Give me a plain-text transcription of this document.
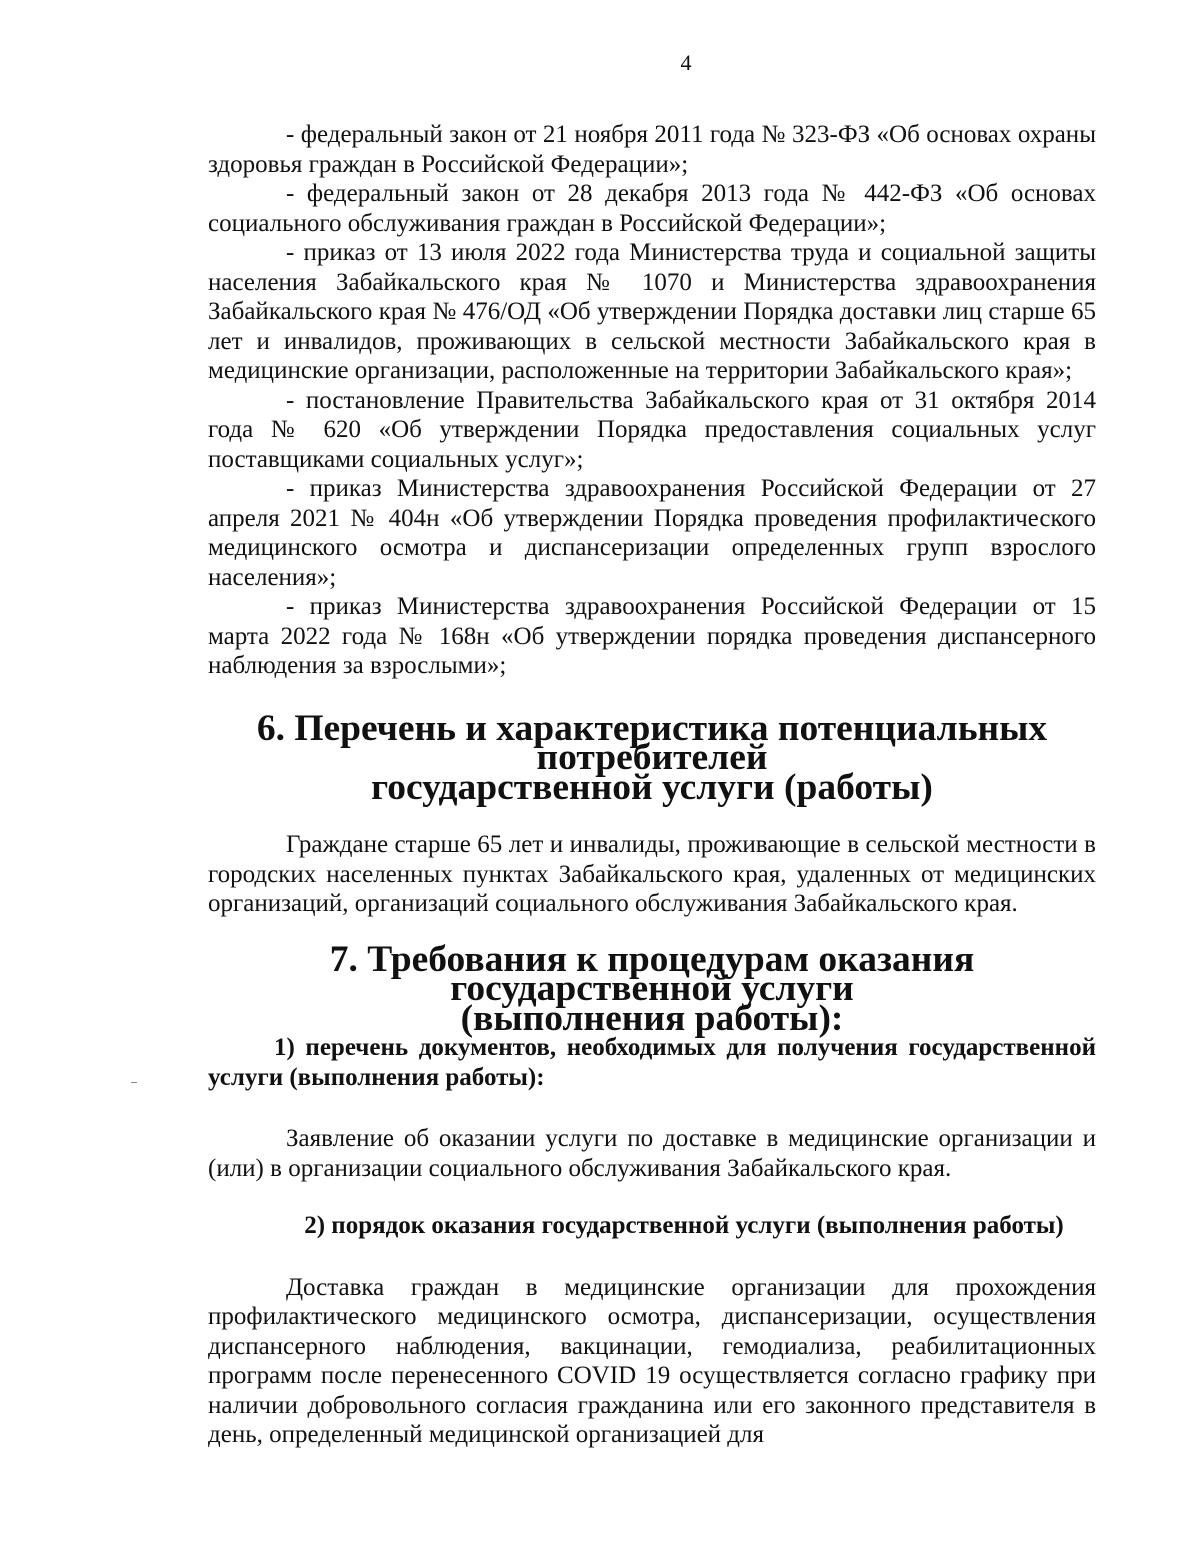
4

- федеральный закон от 21 ноября 2011 года № 323-ФЗ «Об основах охраны здоровья граждан в Российской Федерации»;

- федеральный закон от 28 декабря 2013 года № 442-ФЗ «Об основах социального обслуживания граждан в Российской Федерации»;

- приказ от 13 июля 2022 года Министерства труда и социальной защиты населения Забайкальского края № 1070 и Министерства здравоохранения Забайкальского края № 476/ОД «Об утверждении Порядка доставки лиц старше 65 лет и инвалидов, проживающих в сельской местности Забайкальского края в медицинские организации, расположенные на территории Забайкальского края»;

- постановление Правительства Забайкальского края от 31 октября 2014 года № 620 «Об утверждении Порядка предоставления социальных услуг поставщиками социальных услуг»;

- приказ Министерства здравоохранения Российской Федерации от 27 апреля 2021 № 404н «Об утверждении Порядка проведения профилактического медицинского осмотра и диспансеризации определенных групп взрослого населения»;

- приказ Министерства здравоохранения Российской Федерации от 15 марта 2022 года № 168н «Об утверждении порядка проведения диспансерного наблюдения за взрослыми»;

6. Перечень и характеристика потенциальных потребителей
государственной услуги (работы)

Граждане старше 65 лет и инвалиды, проживающие в сельской местности в городских населенных пунктах Забайкальского края, удаленных от медицинских организаций, организаций социального обслуживания Забайкальского края.

7. Требования к процедурам оказания государственной услуги
(выполнения работы):

1) перечень документов, необходимых для получения государственной услуги (выполнения работы):

Заявление об оказании услуги по доставке в медицинские организации и (или) в организации социального обслуживания Забайкальского края.

2) порядок оказания государственной услуги (выполнения работы)

Доставка граждан в медицинские организации для прохождения профилактического медицинского осмотра, диспансеризации, осуществления диспансерного наблюдения, вакцинации, гемодиализа, реабилитационных программ после перенесенного COVID 19 осуществляется согласно графику при наличии добровольного согласия гражданина или его законного представителя в день, определенный медицинской организацией для
